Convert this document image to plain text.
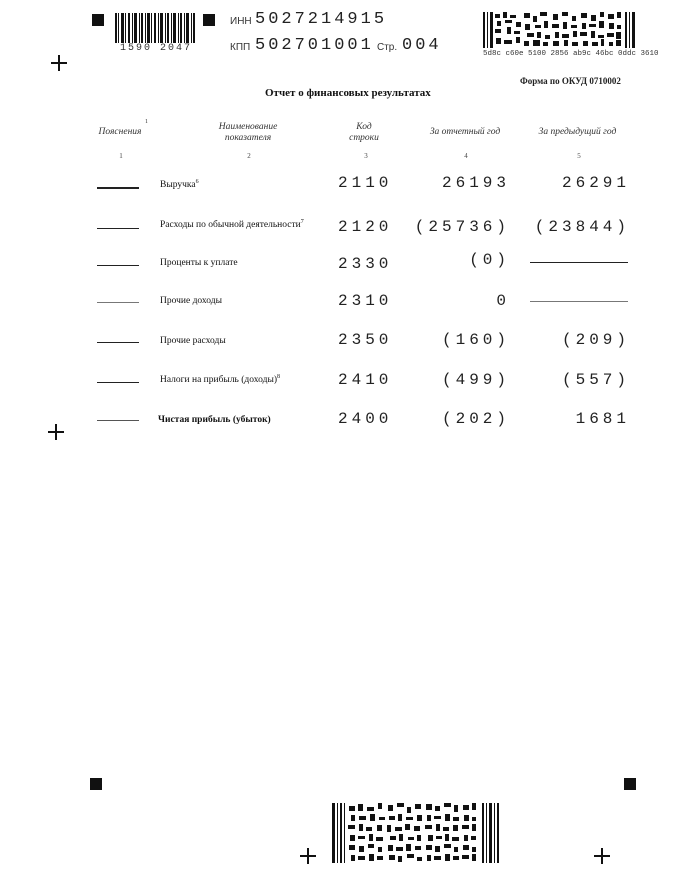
1590 2047
ИНН 5027214915
КПП 502701001 Стр. 004	5d8c c60e 5100 2856 ab9c 46bc 0ddc 3610
Форма по ОКУД 0710002
Отчет о финансовых результатах
Пояснения
1	Наименование показателя
Код строки
За отчетный год	За предыдущий год
1	2	3	4	5
Выручка$^6$	2110	26193	26291
Расходы по обычной деятельности$^7$ 2120 (25736) (23844)
Проценты к уплате	2330	(0)
Прочие доходы	2310	0
Прочие расходы	2350	(160)	(209)
Налоги на прибыль (доходы)$^8$	2410	(499)	(557)
Чистая прибыль (убыток)	2400	(202)	1681
